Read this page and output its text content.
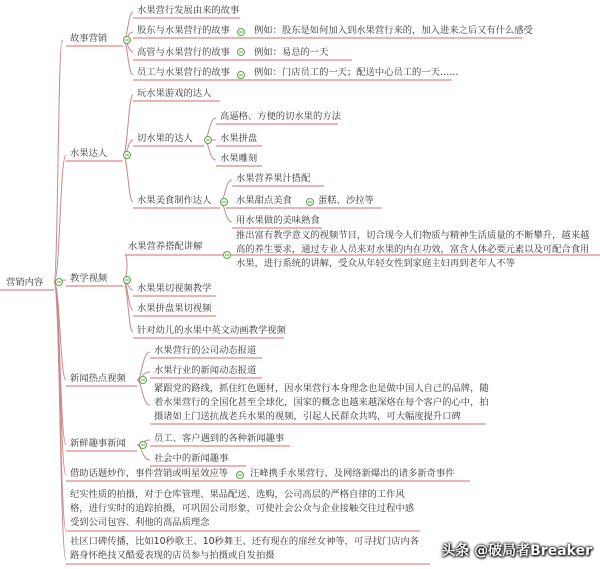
营销内容
故事营销
水果营行发展由来的故事
股东与水果营行的故事	例如：股东是如何加入到水果营行来的，加入进来之后又有什么感受
高管与水果营行的故事	例如：易总的一天
员工与水果营行的故事	例如：门店员工的一天；配送中心员工的一天……
水果达人
玩水果游戏的达人
切水果的达人
高逼格、方便的切水果的方法
水果拼盘
水果雕刻
水果美食制作达人
水果营养果汁搭配
水果甜点美食	蛋糕、沙拉等
用水果做的美味熟食
教学视频
水果营养搭配讲解
推出富有教学意义的视频节目，切合现今人们物质与精神生活质量的不断攀升，越来越高的养生要求，通过专业人员来对水果的内在功效，富含人体必要元素以及可配合食用水果，进行系统的讲解，受众从年轻女性到家庭主妇再到老年人不等
水果果切视频教学
水果拼盘果切视频
针对幼儿的水果中英文动画教学视频
新闻热点视频
水果营行的公司动态报道
水果行业的新闻动态报道
紧跟党的路线，抓住红色题材，因水果营行本身理念也是做中国人自己的品牌，随着水果营行的全国化甚至全球化，国家的概念也越来越深烙在每个客户的心中，拍摄诸如上门送抗战老兵水果的视频，引起人民群众共鸣，可大幅度提升口碑
新鲜趣事新闻	员工、客户遇到的各种新闻趣事
社会中的新闻趣事
借助话题炒作，事件营销或明星效应等 汪峰携手水果营行、及网络新爆出的诸多新奇事件
纪实性质的拍摄，对于仓库管理、果品配送、选购，公司高层的严格自律的工作风格，进行实时的追踪拍摄，可巩固公司形象，可使社会公众与企业接触交往过程中感受到公司包容、利他的高品质理念
社区口碑传播，比如10秒歌王、10秒舞王、还有现在的扉丝女神等，可寻找门店内各路身怀绝技又酷爱表现的店员参与拍摄或自发拍摄	头条 @破局者Breaker
